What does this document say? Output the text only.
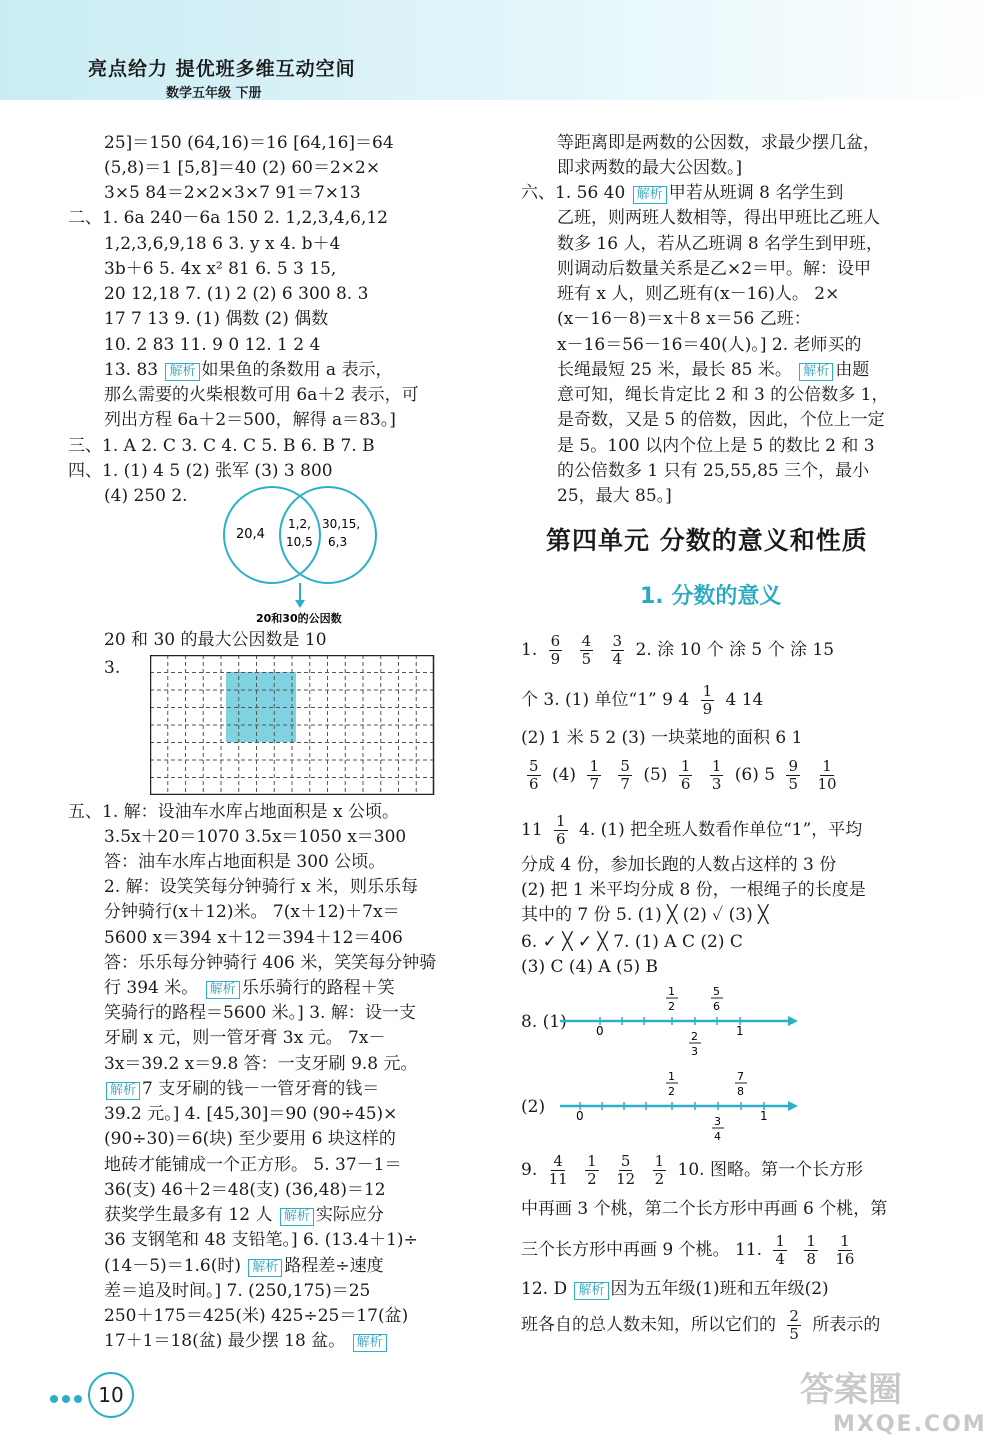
亮点给力 提优班多维互动空间
数学五年级 下册
25]＝150 (64,16)＝16 [64,16]＝64
(5,8)＝1 [5,8]＝40 (2) 60＝2×2×
3×5 84＝2×2×3×7 91＝7×13
二、1. 6a 240－6a 150 2. 1,2,3,4,6,12
1,2,3,6,9,18 6 3. y x 4. b＋4
3b＋6 5. 4x x² 81 6. 5 3 15,
20 12,18 7. (1) 2 (2) 6 300 8. 3
17 7 13 9. (1) 偶数 (2) 偶数
10. 2 83 11. 9 0 12. 1 2 4
13. 83 解析 如果鱼的条数用 a 表示，
那么需要的火柴根数可用 6a＋2 表示，可
列出方程 6a＋2＝500，解得 a＝83。]
三、1. A 2. C 3. C 4. C 5. B 6. B 7. B
四、1. (1) 4 5 (2) 张军 (3) 3 800
(4) 250 2.
20,4
1,2,
10,5
30,15,
6,3
20和30的公因数
20 和 30 的最大公因数是 10
3.
五、1. 解：设油车水库占地面积是 x 公顷。
3.5x＋20＝1070 3.5x＝1050 x＝300
答：油车水库占地面积是 300 公顷。
2. 解：设笑笑每分钟骑行 x 米，则乐乐每
分钟骑行(x＋12)米。 7(x＋12)＋7x＝
5600 x＝394 x＋12＝394＋12＝406
答：乐乐每分钟骑行 406 米，笑笑每分钟骑
行 394 米。 解析 乐乐骑行的路程＋笑
笑骑行的路程＝5600 米。] 3. 解：设一支
牙刷 x 元，则一管牙膏 3x 元。 7x－
3x＝39.2 x＝9.8 答：一支牙刷 9.8 元。
解析 7 支牙刷的钱－一管牙膏的钱＝
39.2 元。] 4. [45,30]＝90 (90÷45)×
(90÷30)＝6(块) 至少要用 6 块这样的
地砖才能铺成一个正方形。 5. 37－1＝
36(支) 46＋2＝48(支) (36,48)＝12
获奖学生最多有 12 人 解析 实际应分
36 支钢笔和 48 支铅笔。] 6. (13.4＋1)÷
(14－5)＝1.6(时) 解析 路程差÷速度
差＝追及时间。] 7. (250,175)＝25
250＋175＝425(米) 425÷25＝17(盆)
17＋1＝18(盆) 最少摆 18 盆。 解析
等距离即是两数的公因数，求最少摆几盆，
即求两数的最大公因数。]
六、1. 56 40 解析 甲若从班调 8 名学生到
乙班，则两班人数相等，得出甲班比乙班人
数多 16 人，若从乙班调 8 名学生到甲班，
则调动后数量关系是乙×2＝甲。解：设甲
班有 x 人，则乙班有(x－16)人。 2×
(x－16－8)＝x＋8 x＝56 乙班：
x－16＝56－16＝40(人)。] 2. 老师买的
长绳最短 25 米，最长 85 米。 解析 由题
意可知，绳长肯定比 2 和 3 的公倍数多 1，
是奇数，又是 5 的倍数，因此，个位上一定
是 5。100 以内个位上是 5 的数比 2 和 3
的公倍数多 1 只有 25,55,85 三个，最小
25，最大 85。]
第四单元 分数的意义和性质
1. 分数的意义
1. $\frac{6}{9}$
$\frac{4}{5}$
$\frac{3}{4} 2$. 涂 10 个 涂 5 个 涂 15
个 3. (1) 单位“1” 9 $4 \frac{1}{9} 4$ 14
(2) 1 米 5 2 (3) 一块菜地的面积 6 1
$\frac{5}{6} (4) \frac{1}{7}$
$\frac{5}{7} (5) \frac{1}{6}$
$\frac{1}{3} (6)$ $5 \frac{9}{5}$
$\frac{1}{10}$
$11 \frac{1}{6} 4$. (1) 把全班人数看作单位“1”，平均
分成 4 份，参加长跑的人数占这样的 3 份
(2) 把 1 米平均分成 8 份，一根绳子的长度是
其中的 7 份 5. (1) ╳ (2) ✓ (3) ╳
6. ✓ ╳ ✓ ╳ 7. (1) A C (2) C
(3) C (4) A (5) B
8. (1) 0
1
2
5
6
2
3
1
(2)	0
1
2
7
8
3
4
1
9. $\frac{4}{11}$
$\frac{1}{2}$
$\frac{5}{12}$
$\frac{1}{2} 10$. 图略。第一个长方形
中再画 3 个桃，第二个长方形中再画 6 个桃，第
三个长方形中再画 9 个桃。 11. $\frac{1}{4}$
$\frac{1}{8}$
$\frac{1}{16}$
12. D 解析 因为五年级(1)班和五年级(2)
班各自的总人数未知，所以它们的 $\frac{2}{5}$ 所表示的
10	答案圈
MXQE.COM
